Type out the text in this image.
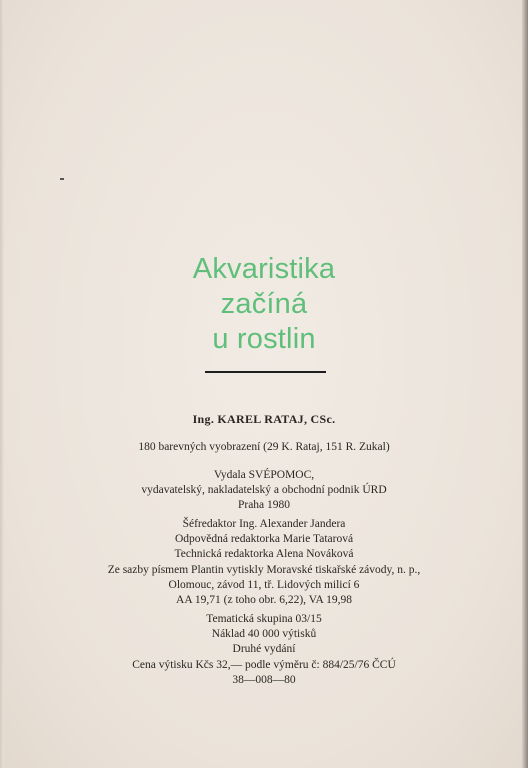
Akvaristika
začíná
u rostlin
Ing. KAREL RATAJ, CSc.
180 barevných vyobrazení (29 K. Rataj, 151 R. Zukal)
Vydala SVÉPOMOC,
vydavatelský, nakladatelský a obchodní podnik ÚRD
Praha 1980
Šéfredaktor Ing. Alexander Jandera
Odpovědná redaktorka Marie Tatarová
Technická redaktorka Alena Nováková
Ze sazby písmem Plantin vytiskly Moravské tiskařské závody, n. p.,
Olomouc, závod 11, tř. Lidových milicí 6
AA 19,71 (z toho obr. 6,22), VA 19,98
Tematická skupina 03/15
Náklad 40 000 výtisků
Druhé vydání
Cena výtisku Kčs 32,— podle výměru č: 884/25/76 ČCÚ
38—008—80
